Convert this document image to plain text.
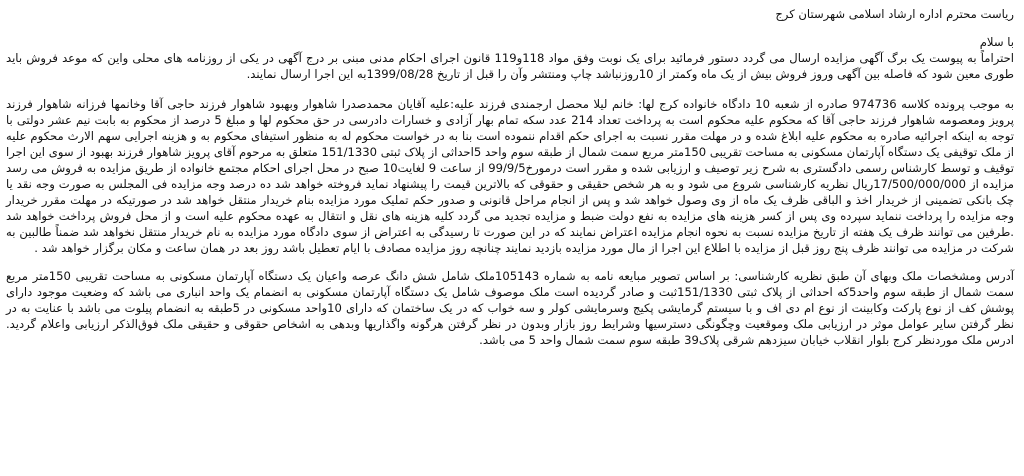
ریاست محترم اداره ارشاد اسلامی شهرستان کرج

با سلام

احتراماً به پیوست یک برگ آگهی مزایده ارسال می گردد دستور فرمائید برای یک نوبت وفق مواد 118و119 قانون اجرای احکام مدنی مبنی بر درج آگهی در یکی از روزنامه های محلی واین که موعد فروش باید طوری معین شود که فاصله بین آگهی وروز فروش بیش از یک ماه وکمتر از 10روزنباشد چاپ ومنتشر وآن را قبل از تاریخ 1399/08/28به این اجرا ارسال نمایند.

به موجب پرونده کلاسه 974736 صادره از شعبه 10 دادگاه خانواده کرج لها: خانم لیلا محصل ارجمندی فرزند علیه:علیه آقایان محمدصدرا شاهوار وبهبود شاهوار فرزند حاجی آقا وخانمها فرزانه شاهوار فرزند پرویز ومعصومه شاهوار فرزند حاجی آقا که محکوم علیه محکوم است به پرداخت تعداد 214 عدد سکه تمام بهار آزادی و خسارات دادرسی در حق محکوم لها و مبلغ 5 درصد از محکوم به بابت نیم عشر دولتی با توجه به اینکه اجرائیه صادره به محکوم علیه ابلاغ شده و در مهلت مقرر نسبت به اجرای حکم اقدام ننموده است بنا به در خواست محکوم له به منظور استیفای محکوم به و هزینه اجرایی سهم الارث محکوم علیه از ملک توقیفی یک دستگاه آپارتمان مسکونی به مساحت تقریبی 150متر مربع سمت شمال از طبقه سوم واحد 5احداثی از پلاک ثبتی 151/1330 متعلق به مرحوم آقای پرویز شاهوار فرزند بهبود از سوی این اجرا توقیف و توسط کارشناس رسمی دادگستری به شرح زیر توصیف و ارزیابی شده و مقرر است درمورخ99/9/5 از ساعت 9 لغایت10 صبح در محل اجرای احکام مجتمع خانواده از طریق مزایده به فروش می رسد مزایده از 17/500/000/000ریال نظریه کارشناسی شروع می شود و به هر شخص حقیقی و حقوقی که بالاترین قیمت را پیشنهاد نماید فروخته خواهد شد ده درصد وجه مزایده فی المجلس به صورت وجه نقد یا چک بانکی تضمینی از خریدار اخذ و الباقی ظرف یک ماه از وی وصول خواهد شد و پس از انجام مراحل قانونی و صدور حکم تملیک مورد مزایده بنام خریدار منتقل خواهد شد در صورتیکه در مهلت مقرر خریدار وجه مزایده را پرداخت ننماید سپرده وی پس از کسر هزینه های مزایده به نفع دولت ضبط و مزایده تجدید می گردد کلیه هزینه های نقل و انتقال به عهده محکوم علیه است و از محل فروش پرداخت خواهد شد .طرفین می توانند ظرف یک هفته از تاریخ مزایده نسبت به نحوه انجام مزایده اعتراض نمایند که در این صورت تا رسیدگی به اعتراض از سوی دادگاه مورد مزایده به نام خریدار منتقل نخواهد شد ضمناً طالبین به شرکت در مزایده می توانند ظرف پنج روز قبل از مزایده با اطلاع این اجرا از مال مورد مزایده بازدید نمایند چنانچه روز مزایده مصادف با ایام تعطیل باشد روز بعد در همان ساعت و مکان برگزار خواهد شد .

آدرس ومشخصات ملک وبهای آن طبق نظریه کارشناسی: بر اساس تصویر مبایعه نامه به شماره 105143ملک شامل شش دانگ عرصه واعیان یک دستگاه آپارتمان مسکونی به مساحت تقریبی 150متر مربع سمت شمال از طبقه سوم واحد5که احداثی از پلاک ثبتی 151/1330ثبت و صادر گردیده است ملک موصوف شامل یک دستگاه آپارتمان مسکونی به انضمام یک واحد انباری می باشد که وضعیت موجود دارای پوشش کف از نوع پارکت وکابینت از نوع ام دی اف و با سیستم گرمایشی پکیج وسرمایشی کولر و سه خواب که در یک ساختمان که دارای 10واحد مسکونی در 5طبقه به انضمام پیلوت می باشد با عنایت به در نظر گرفتن سایر عوامل موثر در ارزیابی ملک وموقعیت وچگونگی دسترسیها وشرایط روز بازار وبدون در نظر گرفتن هرگونه واگذاریها وبدهی به اشخاص حقوقی و حقیقی ملک فوق‌الذکر ارزیابی واعلام گردید. ادرس ملک موردنظر کرج بلوار انقلاب خیابان سیزدهم شرقی پلاک39 طبقه سوم سمت شمال واحد 5 می باشد.
